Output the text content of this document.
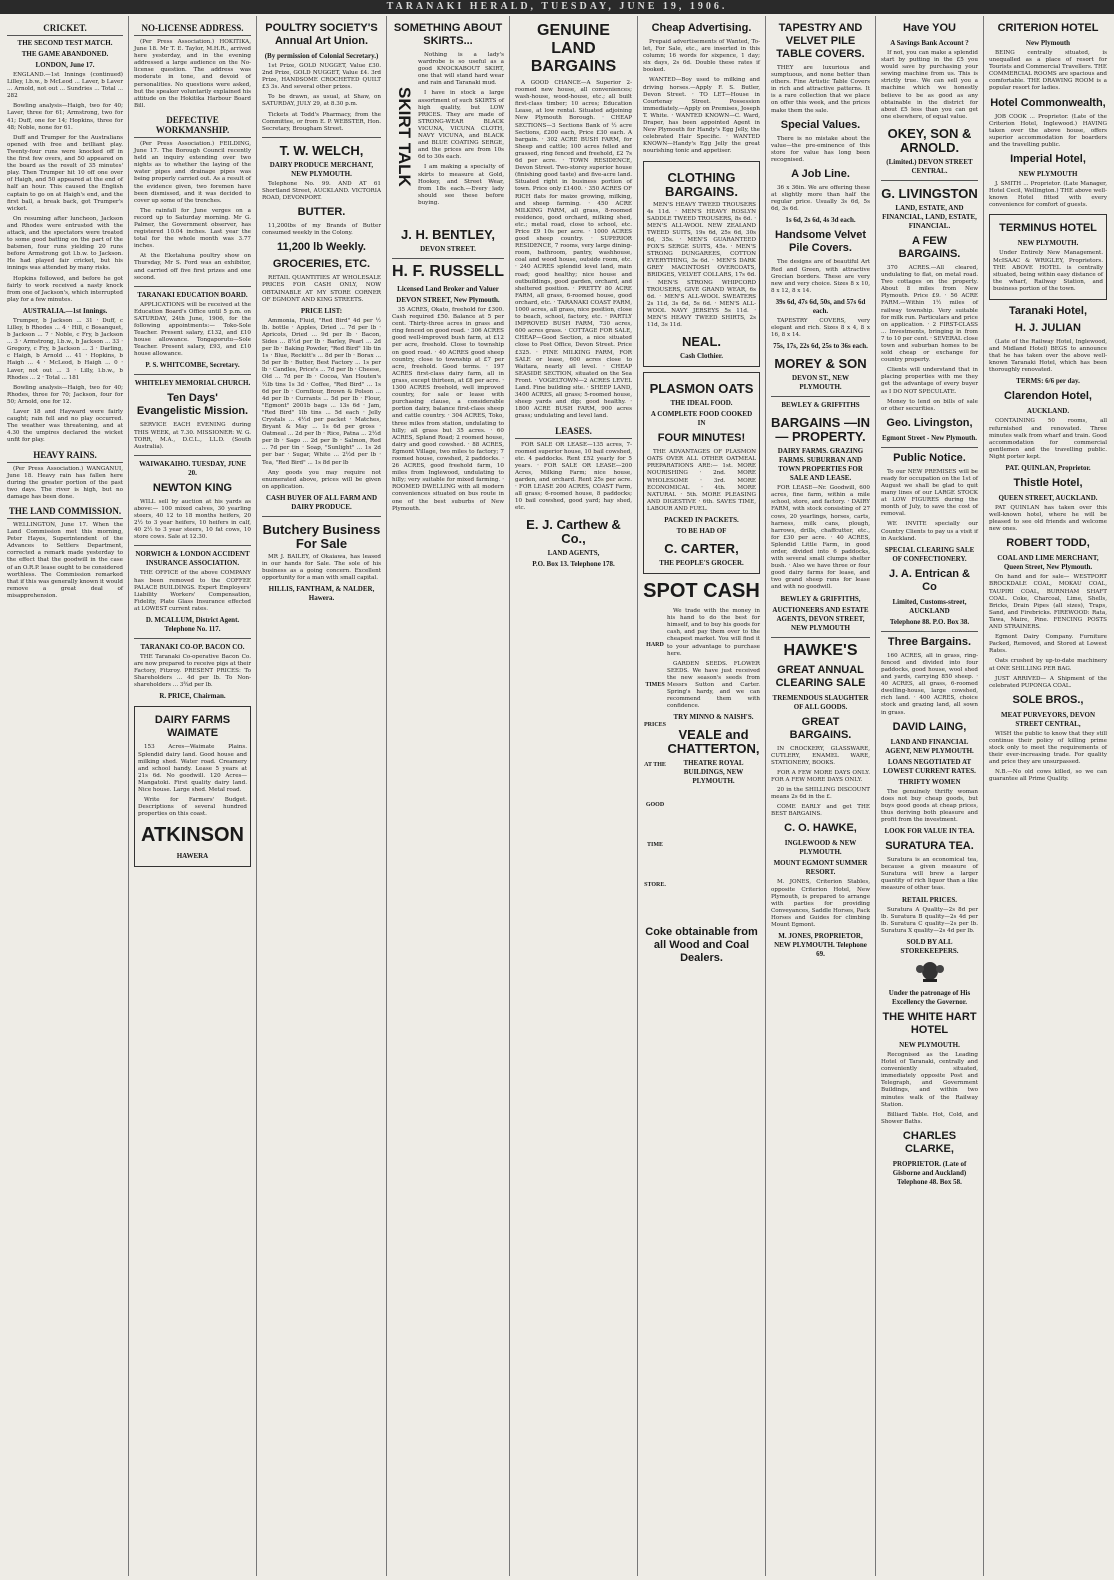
TARANAKI HERALD, TUESDAY, JUNE 19, 1906.
CRICKET.
THE SECOND TEST MATCH.
THE GAME ABANDONED.
LONDON, June 17.

ENGLAND.—1st Innings (continued) Lilley, l.b.w., b McLeod ... Laver, b Laver ... Arnold, not out ... Sundries ... Total ... 282

Bowling analysis—Haigh, two for 40; Laver, three for 61; Armstrong, two for 41; Duff, one for 14; Hopkins, three for 48; Noble, none for 61.

Duff and Trumper for the Australians opened with free and brilliant play. Twenty-four runs were knocked off in the first few overs, and 50 appeared on the board as the result of 35 minutes' play. Then Trumper hit 10 off one over of Haigh, and 50 appeared at the end of half an hour. This caused the English captain to go on at Haigh's end, and the first ball, a break back, got Trumper's wicket.

On resuming after luncheon, Jackson and Rhodes were entrusted with the attack, and the spectators were treated to some good batting on the part of the batsmen, four runs yielding 20 runs before Armstrong got l.b.w. to Jackson. He had played fair cricket, but his innings was attended by many risks.

Hopkins followed, and before he got fairly to work received a nasty knock from one of Jackson's, which interrupted play for a few minutes.

AUSTRALIA.—1st Innings.

Trumper, b Jackson ... 31 · Duff, c Lilley, b Rhodes ... 4 · Hill, c Bosanquet, b Jackson ... 7 · Noble, c Fry, b Jackson ... 3 · Armstrong, l.b.w., b Jackson ... 33 · Gregory, c Fry, b Jackson ... 3 · Darling, c Haigh, b Arnold ... 41 · Hopkins, b Haigh ... 4 · McLeod, b Haigh ... 0 · Laver, not out ... 3 · Lilly, l.b.w., b Rhodes ... 2 · Total ... 181

Bowling analysis—Haigh, two for 40; Rhodes, three for 70; Jackson, four for 50; Arnold, one for 12.

Laver 18 and Hayward were fairly caught; rain fell and no play occurred. The weather was threatening, and at 4.30 the umpires declared the wicket unfit for play.

HEAVY RAINS.

(Per Press Association.) WANGANUI, June 18. Heavy rain has fallen here during the greater portion of the past two days. The river is high, but no damage has been done.

THE LAND COMMISSION.

WELLINGTON, June 17. When the Land Commission met this morning, Peter Hayes, Superintendent of the Advances to Settlers Department, corrected a remark made yesterday to the effect that the goodwill in the case of an O.R.P. lease ought to be considered worthless. The Commission remarked that if this was generally known it would remove a great deal of misapprehension.

NO-LICENSE ADDRESS.

(Per Press Association.) HOKITIKA, June 18. Mr T. E. Taylor, M.H.R., arrived here yesterday, and in the evening addressed a large audience on the No-license question. The address was moderate in tone, and devoid of personalities. No questions were asked, but the speaker voluntarily explained his attitude on the Hokitika Harbour Board Bill.

DEFECTIVE WORKMANSHIP.

(Per Press Association.) FEILDING, June 17. The Borough Council recently held an inquiry extending over two nights as to whether the laying of the water pipes and drainage pipes was being properly carried out. As a result of the evidence given, two foremen have been dismissed, and it was decided to cover up some of the trenches.

The rainfall for June verges on a record up to Saturday morning. Mr G. Palmer, the Government observer, has registered 10.04 inches. Last year the total for the whole month was 3.77 inches.

At the Eketahuna poultry show on Thursday, Mr S. Ford was an exhibitor, and carried off five first prizes and one second.

TARANAKI EDUCATION BOARD.

APPLICATIONS will be received at the Education Board's Office until 5 p.m. on SATURDAY, 24th June, 1906, for the following appointments:— Toko-Sole Teacher. Present salary, £132, and £10 house allowance. Tongaporutu—Sole Teacher. Present salary, £93, and £10 house allowance.

P. S. WHITCOMBE, Secretary.
WHITELEY MEMORIAL CHURCH.
Ten Days' Evangelistic Mission.

SERVICE EACH EVENING during THIS WEEK, at 7.30. MISSIONER: W. G. TORR, M.A., D.C.L., LL.D. (South Australia).

WAIWAKAIHO. TUESDAY, JUNE 20.
NEWTON KING

WILL sell by auction at his yards as above:— 100 mixed calves, 30 yearling steers, 40 12 to 18 months heifers, 20 2½ to 3 year heifers, 10 heifers in calf, 40 2½ to 3 year steers, 10 fat cows, 10 store cows. Sale at 12.30.

NORWICH & LONDON ACCIDENT INSURANCE ASSOCIATION.

THE OFFICE of the above COMPANY has been removed to the COFFEE PALACE BUILDINGS. Expert Employers' Liability Workers' Compensation, Fidelity, Plate Glass Insurance effected at LOWEST current rates.

D. MCALLUM, District Agent. Telephone No. 117.
TARANAKI CO-OP. BACON CO.

THE Taranaki Co-operative Bacon Co. are now prepared to receive pigs at their Factory, Fitzroy. PRESENT PRICES: To Shareholders ... 4d per lb. To Non-shareholders ... 3¾d per lb.

R. PRICE, Chairman.
DAIRY FARMS WAIMATE

153 Acres—Waimate Plains. Splendid dairy land. Good house and milking shed. Water road. Creamery and school handy. Lease 5 years at 21s 6d. No goodwill. 120 Acres—Mangatoki. First quality dairy land. Nice house. Large shed. Metal road.

Write for Farmers' Budget. Descriptions of several hundred properties on this coast.

ATKINSON
HAWERA
POULTRY SOCIETY'S Annual Art Union.
(By permission of Colonial Secretary.)

1st Prize, GOLD NUGGET, Value £30. 2nd Prize, GOLD NUGGET, Value £4. 3rd Prize, HANDSOME CROCHETED QUILT £3 3s. And several other prizes.

To be drawn, as usual, at Shaw, on SATURDAY, JULY 29, at 8.30 p.m.

Tickets at Todd's Pharmacy, from the Committee, or from E. P. WEBSTER, Hon. Secretary, Brougham Street.

T. W. WELCH,
DAIRY PRODUCE MERCHANT, NEW PLYMOUTH.

Telephone No. 99. AND AT 61 Shortland Street, AUCKLAND. VICTORIA ROAD, DEVONPORT.

BUTTER.

11,200lbs of my Brands of Butter consumed weekly in the Colony.

11,200 lb Weekly.
GROCERIES, ETC.

RETAIL QUANTITIES AT WHOLESALE PRICES FOR CASH ONLY, NOW OBTAINABLE AT MY STORE CORNER OF EGMONT AND KING STREETS.

PRICE LIST:

Ammonia, Fluid, "Red Bird" 4d per ½ lb. bottle · Apples, Dried ... 7d per lb · Apricots, Dried ... 9d per lb · Bacon, Sides ... 8½d per lb · Barley, Pearl ... 2d per lb · Baking Powder, "Red Bird" 1lb tin 1s · Blue, Reckitt's ... 8d per lb · Borax ... 5d per lb · Butter, Best Factory ... 1s per lb · Candles, Price's ... 7d per lb · Cheese, Old ... 7d per lb · Cocoa, Van Houten's ½lb tins 1s 3d · Coffee, "Red Bird" ... 1s 6d per lb · Cornflour, Brown & Polson ... 4d per lb · Currants ... 5d per lb · Flour, "Egmont" 2001b bags ... 13s 6d · Jam, "Red Bird" 1lb tins ... 5d each · Jelly Crystals ... 4½d per packet · Matches, Bryant & May ... 1s 6d per gross · Oatmeal ... 2d per lb · Rice, Patna ... 2½d per lb · Sago ... 2d per lb · Salmon, Red ... 7d per tin · Soap, "Sunlight" ... 1s 2d per bar · Sugar, White ... 2½d per lb · Tea, "Red Bird" ... 1s 8d per lb

Any goods you may require not enumerated above, prices will be given on application.

CASH BUYER OF ALL FARM AND DAIRY PRODUCE.
Butchery Business For Sale

MR J. BAILEY, of Okaiawa, has leased in our hands for Sale. The sole of his business as a going concern. Excellent opportunity for a man with small capital.

HILLIS, FANTHAM, & NALDER, Hawera.
SOMETHING ABOUT SKIRTS...
SKIRT TALK

Nothing is a lady's wardrobe is so useful as a good KNOCKABOUT SKIRT, one that will stand hard wear and rain and Taranaki mud.

I have in stock a large assortment of such SKIRTS of high quality, but LOW PRICES. They are made of STRONG-WEAR BLACK VICUNA, VICUNA CLOTH, NAVY VICUNA, and BLACK and BLUE COATING SERGE, and the prices are from 10s 6d to 30s each.

I am making a specialty of skirts to measure at Gold, Hookey, and Street Wear, from 18s each.—Every lady should see these before buying.

J. H. BENTLEY,
DEVON STREET.
H. F. RUSSELL
Licensed Land Broker and Valuer
DEVON STREET, New Plymouth.

35 ACRES, Okato, freehold for £300. Cash required £50. Balance at 5 per cent. Thirty-three acres in grass and ring fenced on good road. · 306 ACRES good well-improved bush farm, at £12 per acre, freehold. Close to township on good road. · 40 ACRES good sheep country, close to township at £7 per acre, freehold. Good terms. · 197 ACRES first-class dairy farm, all in grass, except thirteen, at £8 per acre. · 1300 ACRES freehold, well improved country, for sale or lease with purchasing clause, a considerable portion dairy, balance first-class sheep and cattle country. · 304 ACRES, Toko, three miles from station, undulating to hilly; all grass but 35 acres. · 60 ACRES, Spland Road; 2 roomed house, dairy and good cowshed. · 88 ACRES, Egmont Village, two miles to factory; 7 roomed house, cowshed, 2 paddocks. · 26 ACRES, good freehold farm, 10 miles from Inglewood, undulating to hilly; very suitable for mixed farming. · ROOMED DWELLING with all modern conveniences situated on bus route in one of the best suburbs of New Plymouth.

GENUINE LAND BARGAINS

A GOOD CHANCE—A Superior 2-roomed new house, all conveniences; wash-house, wood-house, etc.; all built first-class timber; 10 acres; Education Lease, at low rental. Situated adjoining New Plymouth Borough. · CHEAP SECTIONS—3 Sections Bank of ½ acre Sections, £200 each, Price £30 each. A bargain. · 302 ACRE BUSH FARM, for Sheep and cattle; 100 acres felled and grassed, ring fenced and freehold, £2 7s 6d per acre. · TOWN RESIDENCE, Devon Street. Two-storey superior house (finishing good taste) and five-acre land. Situated right in business portion of town. Price only £1400. · 350 ACRES OF RICH flats for maize growing, milking, and sheep farming. · 450 ACRE MILKING FARM, all grass, 8-roomed residence, good orchard, milking shed, etc.; metal road, close to school, etc. Price £9 10s per acre. · 1000 ACRES good sheep country. · SUPERIOR RESIDENCE, 7 rooms, very large dining-room, bathroom, pantry, washhouse, coal and wood house, outside room, etc. · 240 ACRES splendid level land, main road; good healthy; nice house and outbuildings, good garden, orchard, and sheltered position. · PRETTY 80 ACRE FARM, all grass, 6-roomed house, good orchard, etc. · TARANAKI COAST FARM, 1000 acres, all grass, nice position, close to beach, school, factory, etc. · PARTLY IMPROVED BUSH FARM, 730 acres, 600 acres grass. · COTTAGE FOR SALE, CHEAP—Good Section, a nice situated close to Post Office, Devon Street. Price £325. · FINE MILKING FARM, FOR SALE or lease, 600 acres close to Waitara, nearly all level. · CHEAP SEASIDE SECTION, situated on the Sea Front. · VOGELTOWN—2 ACRES LEVEL Land. Fine building site. · SHEEP LAND, 3400 ACRES, all grass; 5-roomed house, sheep yards and dip; good healthy. · 1800 ACRE BUSH FARM, 900 acres grass; undulating and level land.

LEASES.

FOR SALE OR LEASE—135 acres, 7-roomed superior house, 10 bail cowshed, etc. 4 paddocks. Rent £52 yearly for 5 years. · FOR SALE OR LEASE—200 Acres, Milking Farm; nice house, garden, and orchard. Rent 25s per acre. · FOR LEASE 200 ACRES, COAST Farm, all grass; 6-roomed house, 8 paddocks; 10 bail cowshed, good yard; hay shed, etc.

E. J. Carthew & Co.,
LAND AGENTS,
P.O. Box 13. Telephone 178.
Cheap Advertising.

Prepaid advertisements of Wanted, To-let, For Sale, etc., are inserted in this column; 16 words for sixpence, 1 day; six days, 2s 6d. Double these rates if booked.

WANTED—Boy used to milking and driving horses.—Apply F. S. Butler, Devon Street. · TO LET—House in Courtenay Street. Possession immediately.—Apply on Premises, Joseph T. White. · WANTED KNOWN—C. Ward, Draper, has been appointed Agent in New Plymouth for Handy's Egg Jelly, the celebrated Hair Specific. · WANTED KNOWN—Handy's Egg Jelly the great nourishing tonic and appetiser.

CLOTHING BARGAINS.

MEN'S HEAVY TWEED TROUSERS 4s 11d. · MEN'S HEAVY ROSLYN SADDLE TWEED TROUSERS, 8s 6d. · MEN'S ALL-WOOL NEW ZEALAND TWEED SUITS, 19s 6d, 25s 6d, 30s 6d, 35s. · MEN'S GUARANTEED FOX'S SERGE SUITS, 45s. · MEN'S STRONG DUNGAREES, COTTON EVERYTHING, 3s 6d. · MEN'S DARK GREY MACINTOSH OVERCOATS, BRIDGES, VELVET COLLARS, 17s 6d. · MEN'S STRONG WHIPCORD TROUSERS, GIVE GRAND WEAR, 6s 6d. · MEN'S ALL-WOOL SWEATERS 2s 11d, 3s 6d, 5s 6d. · MEN'S ALL-WOOL NAVY JERSEYS 5s 11d. · MEN'S HEAVY TWEED SHIRTS, 2s 11d, 3s 11d.

NEAL.
Cash Clothier.
PLASMON OATS
THE IDEAL FOOD.
A COMPLETE FOOD COOKED IN
FOUR MINUTES!

THE ADVANTAGES OF PLASMON OATS OVER ALL OTHER OATMEAL PREPARATIONS ARE:— 1st. MORE NOURISHING · 2nd. MORE WHOLESOME · 3rd. MORE ECONOMICAL · 4th. MORE NATURAL · 5th. MORE PLEASING AND DIGESTIVE · 6th. SAVES TIME, LABOUR AND FUEL.

PACKED IN PACKETS.
TO BE HAD OF
C. CARTER,
THE PEOPLE'S GROCER.
SPOT CASH
HARD
TIMES
PRICES
AT THE
GOOD
TIME
STORE.

We trade with the money in his hand to do the best for himself, and to buy his goods for cash, and pay them over to the cheapest market. You will find it to your advantage to purchase here.

GARDEN SEEDS. FLOWER SEEDS. We have just received the new season's seeds from Messrs Sutton and Carter. Spring's hardy, and we can recommend them with confidence.

TRY MINNO & NAISH'S.
VEALE and CHATTERTON,
THEATRE ROYAL BUILDINGS, NEW PLYMOUTH.
Coke obtainable from all Wood and Coal Dealers.
TAPESTRY AND VELVET PILE TABLE COVERS.

THEY are luxurious and sumptuous, and none better than others. Fine Artistic Table Covers in rich and attractive patterns. It is a rare collection that we place on offer this week, and the prices make them the sale.

Special Values.

There is no mistake about the value—the pre-eminence of this store for value has long been recognised.

A Job Line.

36 x 36in. We are offering these at slightly more than half the regular price. Usually 3s 6d, 5s 6d, 3s 6d.

1s 6d, 2s 6d, 4s 3d each.
Handsome Velvet Pile Covers.

The designs are of beautiful Art Red and Green, with attractive Grecian borders. These are very new and very choice. Sizes 8 x 10, 8 x 12, 8 x 14.

39s 6d, 47s 6d, 50s, and 57s 6d each.

TAPESTRY COVERS, very elegant and rich. Sizes 8 x 4, 8 x 16, 8 x 14.

75s, 17s, 22s 6d, 25s to 36s each.
MOREY & SON
DEVON ST., NEW PLYMOUTH.
BEWLEY & GRIFFITHS
BARGAINS —IN— PROPERTY.
DAIRY FARMS. GRAZING FARMS. SUBURBAN AND TOWN PROPERTIES FOR SALE AND LEASE.

FOR LEASE—Nr. Goodwill, 600 acres, fine farm, within a mile school, store, and factory. · DAIRY FARM, with stock consisting of 27 cows, 20 yearlings, horses, carts, harness, milk cans, plough, harrows, drills, chaffcutter, etc., for £30 per acre. · 40 ACRES, Splendid Little Farm, in good order, divided into 6 paddocks, with several small clumps shelter bush. · Also we have three or four good dairy farms for lease, and two grand sheep runs for lease and with no goodwill.

BEWLEY & GRIFFITHS,
AUCTIONEERS AND ESTATE AGENTS, DEVON STREET, NEW PLYMOUTH
HAWKE'S
GREAT ANNUAL CLEARING SALE
TREMENDOUS SLAUGHTER OF ALL GOODS.
GREAT BARGAINS.

IN CROCKERY, GLASSWARE, CUTLERY, ENAMEL WARE, STATIONERY, BOOKS.

FOR A FEW MORE DAYS ONLY. FOR A FEW MORE DAYS ONLY.

20 in the SHILLING DISCOUNT means 2s 6d in the £.

COME EARLY and get THE BEST BARGAINS.

C. O. HAWKE,
INGLEWOOD & NEW PLYMOUTH.
MOUNT EGMONT SUMMER RESORT.

M. JONES, Criterion Stables, opposite Criterion Hotel, New Plymouth, is prepared to arrange with parties for providing Conveyances, Saddle Horses, Pack Horses and Guides for climbing Mount Egmont.

M. JONES, PROPRIETOR, NEW PLYMOUTH. Telephone 69.
Have YOU
A Savings Bank Account ?

If not, you can make a splendid start by putting in the £5 you would save by purchasing your sewing machine from us. This is strictly true. We can sell you a machine which we honestly believe to be as good as any obtainable in the district for about £5 less than you can get one elsewhere, of equal value.

OKEY, SON & ARNOLD.
(Limited.) DEVON STREET CENTRAL.
G. LIVINGSTON
LAND, ESTATE, AND FINANCIAL, LAND, ESTATE, FINANCIAL.
A FEW BARGAINS.

370 ACRES.—All cleared, undulating to flat, on metal road. Two cottages on the property. About 8 miles from New Plymouth. Price £9. · 56 ACRE FARM.—Within 1½ miles of railway township. Very suitable for milk run. Particulars and price on application. · 2 FIRST-CLASS ... Investments, bringing in from 7 to 10 per cent. · SEVERAL close town and suburban homes to be sold cheap or exchange for country property.

Clients will understand that in placing properties with me they get the advantage of every buyer as I DO NOT SPECULATE.

Money to lend on bills of sale or other securities.

Geo. Livingston,
Egmont Street - New Plymouth.
Public Notice.

To our NEW PREMISES will be ready for occupation on the 1st of August we shall be glad to quit many lines of our LARGE STOCK at LOW FIGURES during the month of July, to save the cost of removal.

WE INVITE specially our Country Clients to pay us a visit if in Auckland.

SPECIAL CLEARING SALE OF CONFECTIONERY.
J. A. Entrican & Co
Limited, Customs-street, AUCKLAND
Telephone 88. P.O. Box 38.
Three Bargains.

160 ACRES, all in grass, ring-fenced and divided into four paddocks, good house, wool shed and yards, carrying 850 sheep. · 40 ACRES, all grass, 6-roomed dwelling-house, large cowshed, rich land. · 400 ACRES, choice stock and grazing land, all sown in grass.

DAVID LAING,
LAND AND FINANCIAL AGENT, NEW PLYMOUTH.
LOANS NEGOTIATED AT LOWEST CURRENT RATES.
THRIFTY WOMEN

The genuinely thrifty woman does not buy cheap goods, but buys good goods at cheap prices, thus deriving both pleasure and profit from the investment.

LOOK FOR VALUE IN TEA.
SURATURA TEA.

Suratura is an economical tea, because a given measure of Suratura will brew a larger quantity of rich liquor than a like measure of other teas.

RETAIL PRICES.

Suratura A Quality—2s 8d per lb. Suratura B quality—2s 4d per lb. Suratura C quality—2s per lb. Suratura X quality—2s 4d per lb.

SOLD BY ALL STOREKEEPERS.
Under the patronage of His Excellency the Governor.
THE WHITE HART HOTEL
NEW PLYMOUTH.

Recognised as the Leading Hotel of Taranaki, centrally and conveniently situated, immediately opposite Post and Telegraph, and Government Buildings, and within two minutes walk of the Railway Station.

Billiard Table. Hot, Cold, and Shower Baths.

CHARLES CLARKE,
PROPRIETOR. (Late of Gisborne and Auckland) Telephone 48. Box 58.
CRITERION HOTEL
New Plymouth

BEING centrally situated, is unequalled as a place of resort for Tourists and Commercial Travellers. THE COMMERCIAL ROOMS are spacious and comfortable. THE DRAWING ROOM is a popular resort for ladies.

Hotel Commonwealth,

JOB COOK ... Proprietor. (Late of the Criterion Hotel, Inglewood.) HAVING taken over the above house, offers superior accommodation for boarders and the travelling public.

Imperial Hotel,
NEW PLYMOUTH

J. SMITH ... Proprietor. (Late Manager, Hotel Cecil, Wellington.) THE above well-known Hotel fitted with every convenience for comfort of guests.

TERMINUS HOTEL
NEW PLYMOUTH.

Under Entirely New Management. McISAAC & WRIGLEY, Proprietors. THE ABOVE HOTEL is centrally situated, being within easy distance of the wharf, Railway Station, and business portion of the town.

Taranaki Hotel,
H. J. JULIAN

(Late of the Railway Hotel, Inglewood, and Midland Hotel) BEGS to announce that he has taken over the above well-known Taranaki Hotel, which has been thoroughly renovated.

TERMS: 6/6 per day.
Clarendon Hotel,
AUCKLAND.

CONTAINING 50 rooms, all refurnished and renovated. Three minutes walk from wharf and train. Good accommodation for commercial gentlemen and the travelling public. Night porter kept.

PAT. QUINLAN, Proprietor.
Thistle Hotel,
QUEEN STREET, AUCKLAND.

PAT QUINLAN has taken over this well-known hotel, where he will be pleased to see old friends and welcome new ones.

ROBERT TODD,
COAL AND LIME MERCHANT, Queen Street, New Plymouth.

On hand and for sale— WESTPORT BROCKDALE COAL, MOKAU COAL, TAUPIRI COAL, BURNHAM SHAFT COAL. Coke, Charcoal, Lime, Shells, Bricks, Drain Pipes (all sizes), Traps, Sand, and Firebricks. FIREWOOD: Rata, Tawa, Maire, Pine. FENCING POSTS AND STRAINERS.

Egmont Dairy Company. Furniture Packed, Removed, and Stored at Lowest Rates.

Oats crushed by up-to-date machinery at ONE SHILLING PER BAG.

JUST ARRIVED— A Shipment of the celebrated PUPONGA COAL.

SOLE BROS.,
MEAT PURVEYORS, DEVON STREET CENTRAL,

WISH the public to know that they still continue their policy of killing prime stock only to meet the requirements of their ever-increasing trade. For quality and price they are unsurpassed.

N.B.—No old cows killed, so we can guarantee all Prime Quality.
